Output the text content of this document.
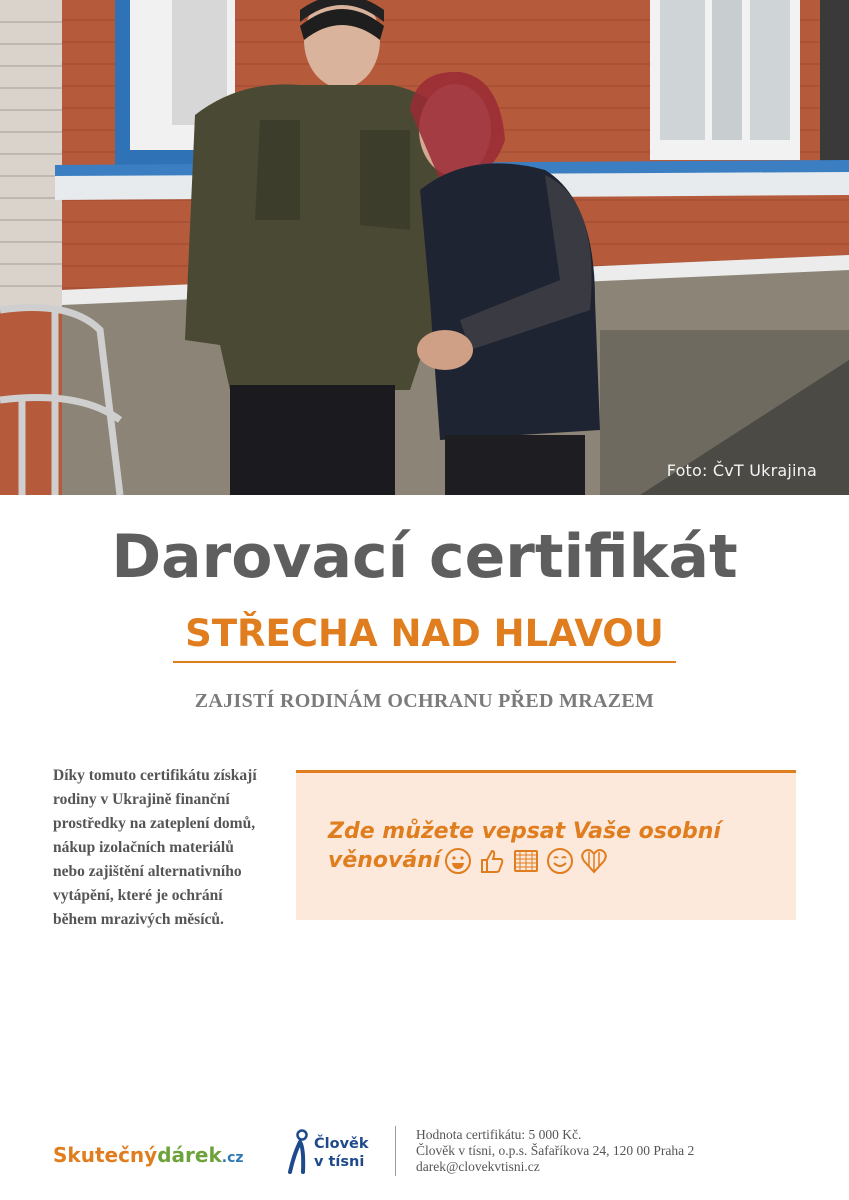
Foto: ČvT Ukrajina
Darovací certifikát
STŘECHA NAD HLAVOU
ZAJISTÍ RODINÁM OCHRANU PŘED MRAZEM

Díky tomuto certifikátu získají rodiny v Ukrajině finanční prostředky na zateplení domů, nákup izolačních materiálů nebo zajištění alternativního vytápění, které je ochrání během mrazivých měsíců.

Zde můžete vepsat Vaše osobní věnování

Skutečnýdárek.cz
Člověk
v tísni
Hodnota certifikátu: 5 000 Kč.
Člověk v tísni, o.p.s. Šafaříkova 24, 120 00 Praha 2
darek@clovekvtisni.cz
